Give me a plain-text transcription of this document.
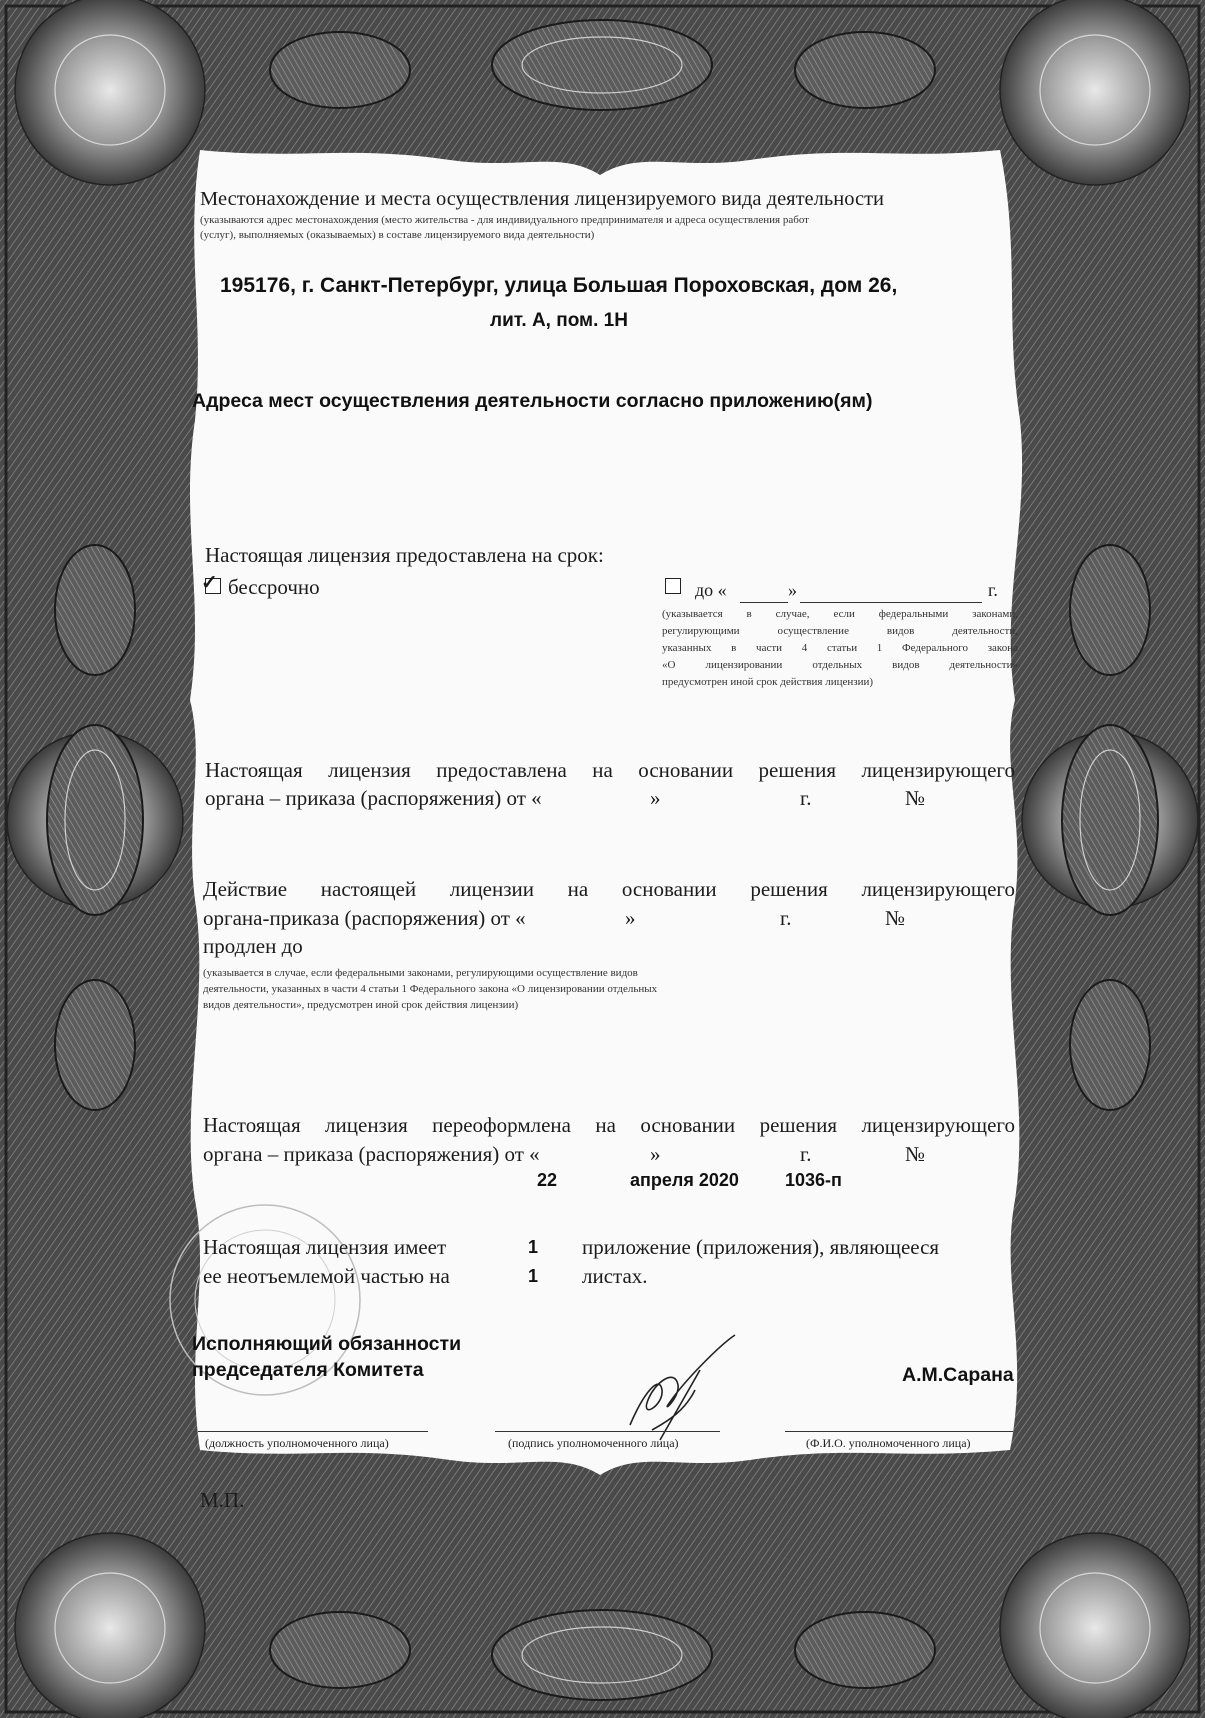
Местонахождение и места осуществления лицензируемого вида деятельности
(указываются адрес местонахождения (место жительства - для индивидуального предпринимателя и адреса осуществления работ
(услуг), выполняемых (оказываемых) в составе лицензируемого вида деятельности)
195176, г. Санкт-Петербург, улица Большая Пороховская, дом 26,
лит. А, пом. 1Н
Адреса мест осуществления деятельности согласно приложению(ям)
Настоящая лицензия предоставлена на срок:
✓ бессрочно	до «	»	г.
(указывается в случае, если федеральными законами,
регулирующими осуществление видов деятельности,
указанных в части 4 статьи 1 Федерального закона
«О лицензировании отдельных видов деятельности»
предусмотрен иной срок действия лицензии)
Настоящая лицензия предоставлена на основании решения лицензирующего
органа – приказа (распоряжения) от «	»	г.	№
Действие настоящей лицензии на основании решения лицензирующего
органа-приказа (распоряжения) от «	»	г.	№
продлен до
(указывается в случае, если федеральными законами, регулирующими осуществление видов
деятельности, указанных в части 4 статьи 1 Федерального закона «О лицензировании отдельных
видов деятельности», предусмотрен иной срок действия лицензии)
Настоящая лицензия переоформлена на основании решения лицензирующего
органа – приказа (распоряжения) от «	»	г.	№
22	апреля 2020	1036-п
Настоящая лицензия имеет	1 приложение (приложения), являющееся
ее неотъемлемой частью на	1 листах.
Исполняющий обязанности
председателя Комитета	А.М.Сарана
(должность уполномоченного лица)	(подпись уполномоченного лица)	(Ф.И.О. уполномоченного лица)
М.П.
